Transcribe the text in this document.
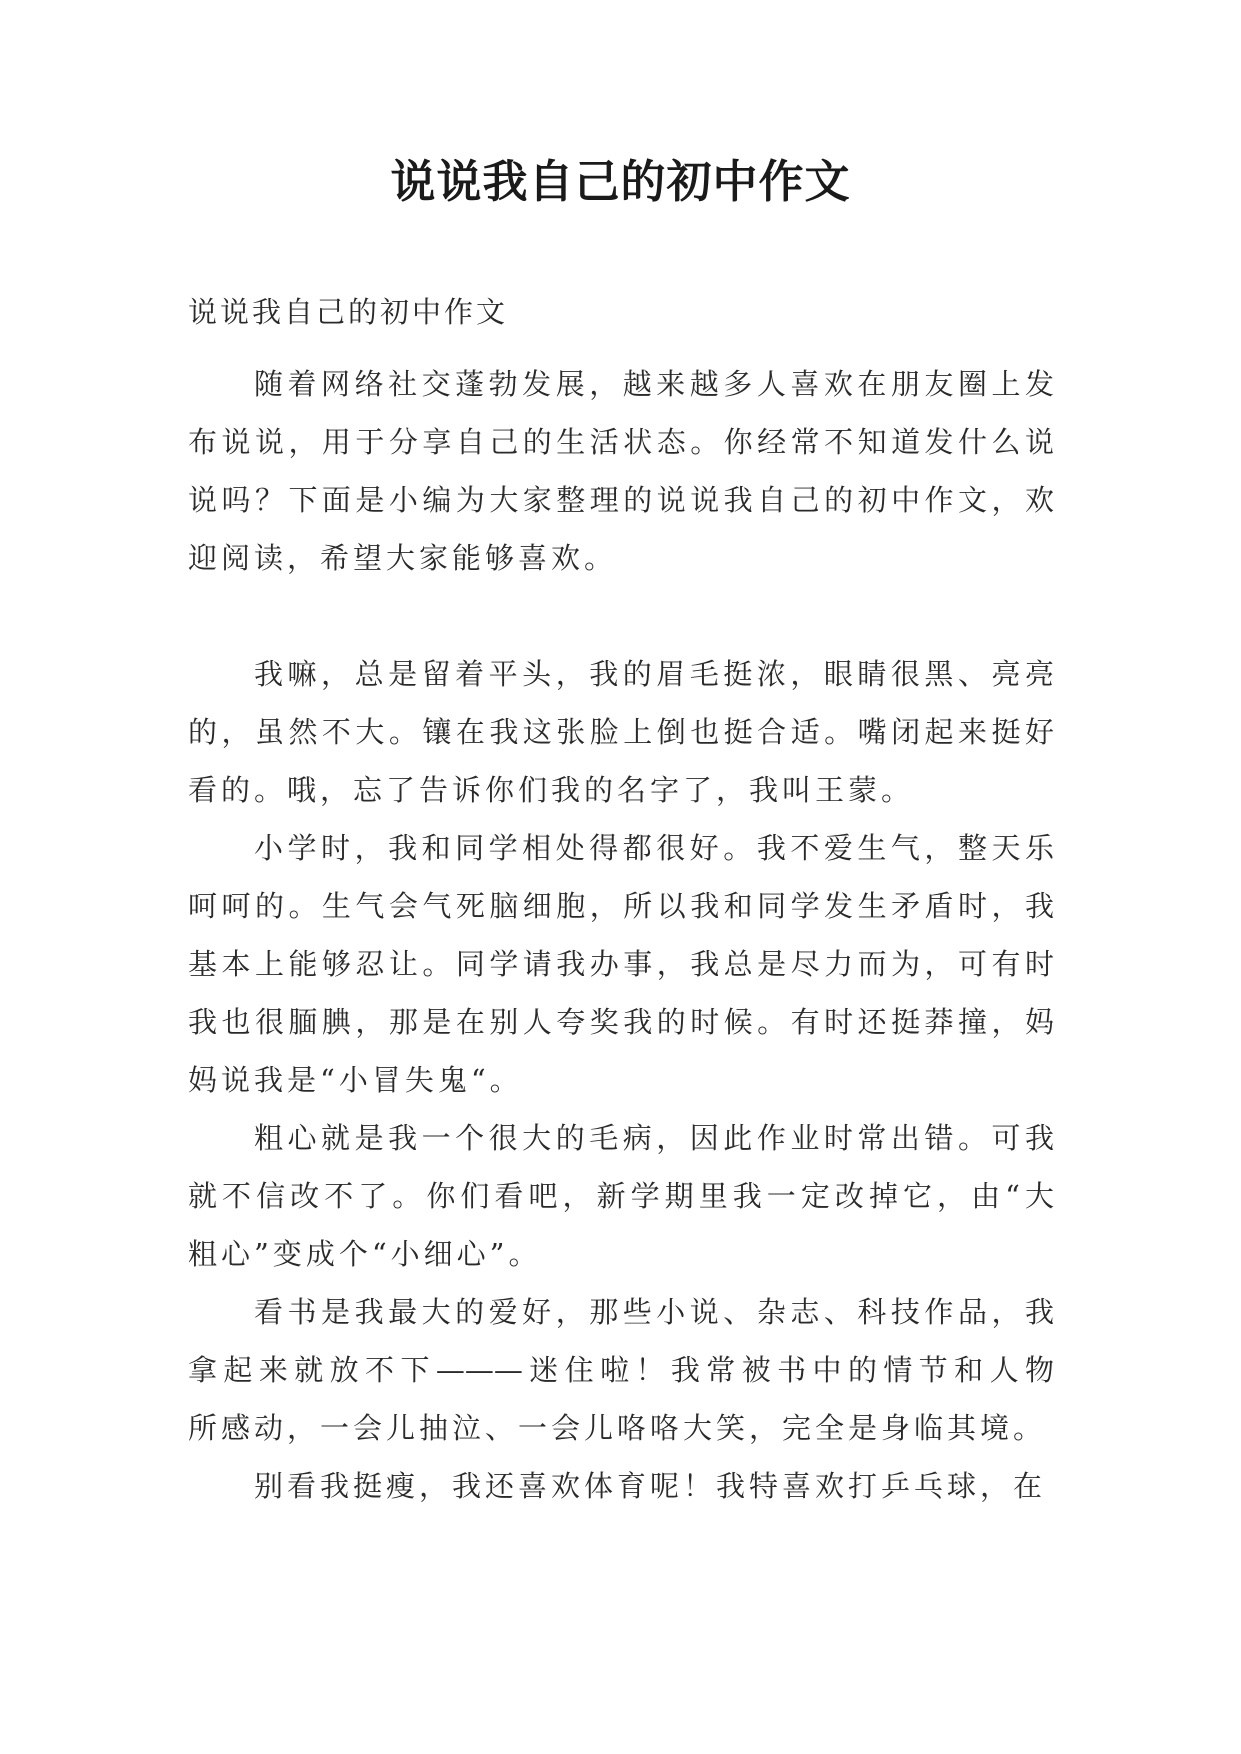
说说我自己的初中作文
说说我自己的初中作文
随着网络社交蓬勃发展，越来越多人喜欢在朋友圈上发
布说说，用于分享自己的生活状态。你经常不知道发什么说
说吗？下面是小编为大家整理的说说我自己的初中作文，欢
迎阅读，希望大家能够喜欢。
我嘛，总是留着平头，我的眉毛挺浓，眼睛很黑、亮亮
的，虽然不大。镶在我这张脸上倒也挺合适。嘴闭起来挺好
看的。哦，忘了告诉你们我的名字了，我叫王蒙。
小学时，我和同学相处得都很好。我不爱生气，整天乐
呵呵的。生气会气死脑细胞，所以我和同学发生矛盾时，我
基本上能够忍让。同学请我办事，我总是尽力而为，可有时
我也很腼腆，那是在别人夸奖我的时候。有时还挺莽撞，妈
妈说我是“小冒失鬼“。
粗心就是我一个很大的毛病，因此作业时常出错。可我
就不信改不了。你们看吧，新学期里我一定改掉它，由“大
粗心”变成个“小细心”。
看书是我最大的爱好，那些小说、杂志、科技作品，我
拿起来就放不下———迷住啦！我常被书中的情节和人物
所感动，一会儿抽泣、一会儿咯咯大笑，完全是身临其境。
别看我挺瘦，我还喜欢体育呢！我特喜欢打乒乓球，在
